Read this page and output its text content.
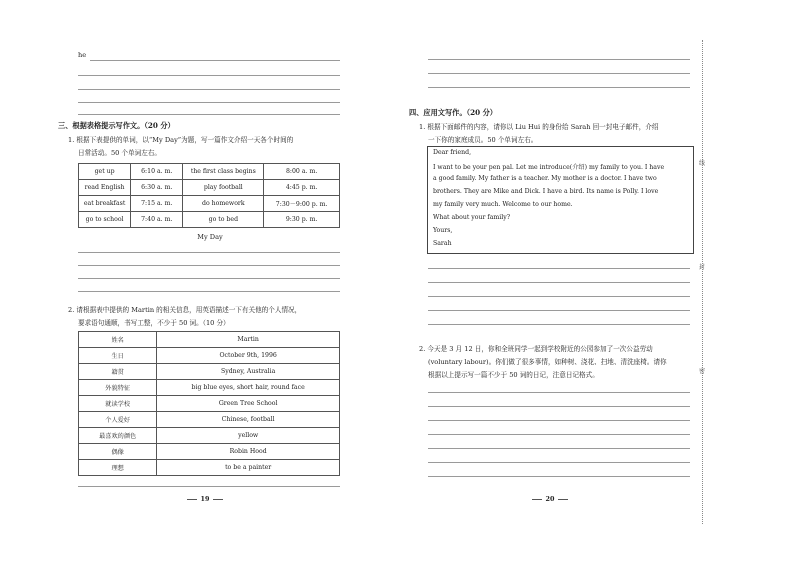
he
三、根据表格提示写作文。（20 分）
1. 根据下表提供的单词，以“My Day”为题，写一篇作文介绍一天各个时间的
日常活动。50 个单词左右。
get up	6:10 a. m.	the first class begins	8:00 a. m.
read English	6:30 a. m.	play football	4:45 p. m.
eat breakfast	7:15 a. m.	do homework	7:30－9:00 p. m.
go to school	7:40 a. m.	go to bed	9:30 p. m.
My Day
2. 请根据表中提供的 Martin 的相关信息，用英语描述一下有关他的个人情况，
要求语句通顺，书写工整，不少于 50 词。（10 分）
姓名	Martin
生日	October 9th, 1996
籍贯	Sydney, Australia
外貌特征	big blue eyes, short hair, round face
就读学校	Green Tree School
个人爱好	Chinese, football
最喜欢的颜色	yellow
偶像	Robin Hood
理想	to be a painter
19
四、应用文写作。（20 分）
1. 根据下面邮件的内容，请你以 Liu Hui 的身份给 Sarah 回一封电子邮件，介绍
一下你的家庭成员。50 个单词左右。
Dear friend,
I want to be your pen pal. Let me introduce(介绍) my family to you. I have
a good family. My father is a teacher. My mother is a doctor. I have two
brothers. They are Mike and Dick. I have a bird. Its name is Polly. I love
my family very much. Welcome to our home.
What about your family?
Yours,
Sarah
2. 今天是 3 月 12 日，你和全班同学一起到学校附近的公园参加了一次公益劳动
(voluntary labour)。你们做了很多事情，如种树、浇花、扫地、清洗座椅。请你
根据以上提示写一篇不少于 50 词的日记，注意日记格式。
20
线
封
密
